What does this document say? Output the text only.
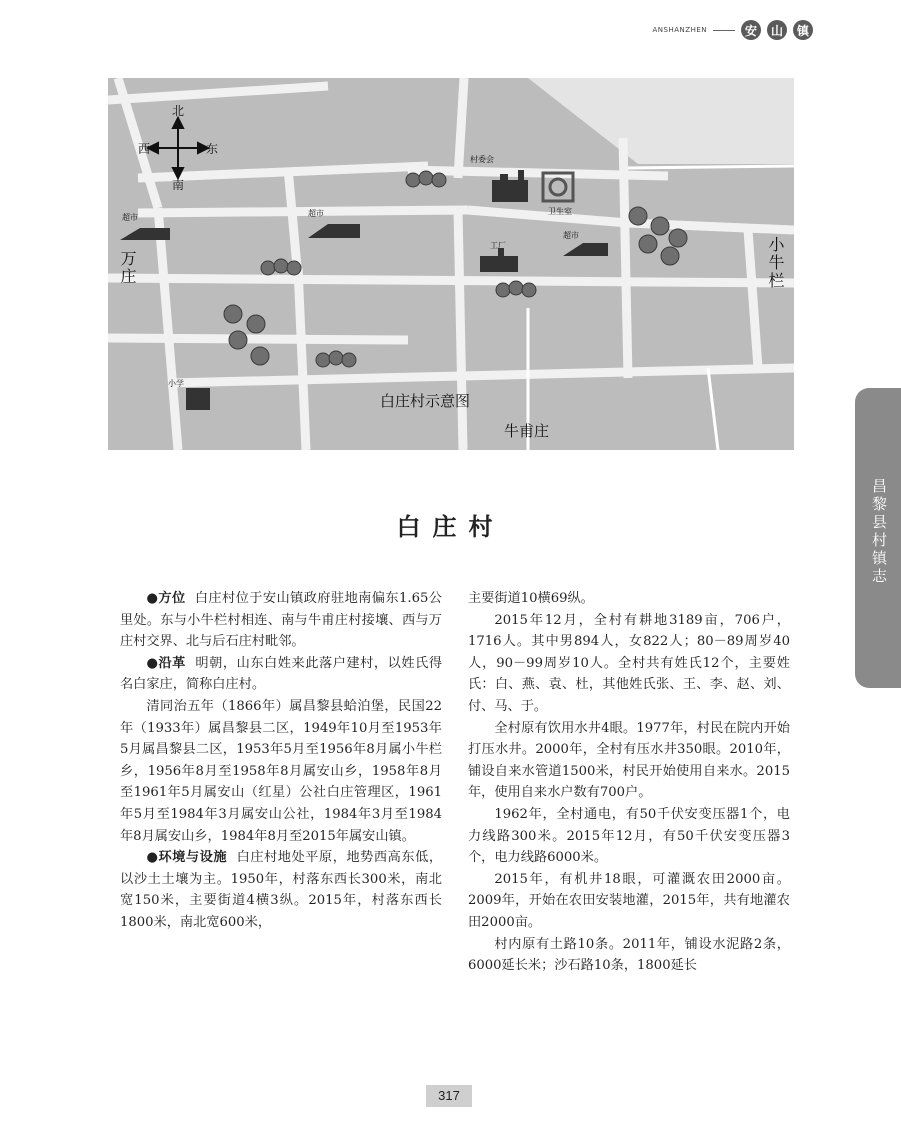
ANSHANZHEN	安	山	镇
北
南
东
西
村委会
卫生室
工厂
超市	超市
超市
小学
万庄	小牛栏
白庄村示意图
牛甫庄
白庄村

●方位 白庄村位于安山镇政府驻地南偏东1.65公里处。东与小牛栏村相连、南与牛甫庄村接壤、西与万庄村交界、北与后石庄村毗邻。

●沿革 明朝，山东白姓来此落户建村，以姓氏得名白家庄，简称白庄村。

清同治五年（1866年）属昌黎县蛤泊堡，民国22年（1933年）属昌黎县二区，1949年10月至1953年5月属昌黎县二区，1953年5月至1956年8月属小牛栏乡，1956年8月至1958年8月属安山乡，1958年8月至1961年5月属安山（红星）公社白庄管理区，1961年5月至1984年3月属安山公社，1984年3月至1984年8月属安山乡，1984年8月至2015年属安山镇。

●环境与设施 白庄村地处平原，地势西高东低，以沙土土壤为主。1950年，村落东西长300米，南北宽150米，主要街道4横3纵。2015年，村落东西长1800米，南北宽600米，

主要街道10横69纵。

2015年12月，全村有耕地3189亩，706户，1716人。其中男894人，女822人；80－89周岁40人，90－99周岁10人。全村共有姓氏12个，主要姓氏：白、燕、袁、杜，其他姓氏张、王、李、赵、刘、付、马、于。

全村原有饮用水井4眼。1977年，村民在院内开始打压水井。2000年，全村有压水井350眼。2010年，铺设自来水管道1500米，村民开始使用自来水。2015年，使用自来水户数有700户。

1962年，全村通电，有50千伏安变压器1个，电力线路300米。2015年12月，有50千伏安变压器3个，电力线路6000米。

2015年，有机井18眼，可灌溉农田2000亩。2009年，开始在农田安装地灌，2015年，共有地灌农田2000亩。

村内原有土路10条。2011年，铺设水泥路2条，6000延长米；沙石路10条，1800延长

昌黎县村镇志
317
